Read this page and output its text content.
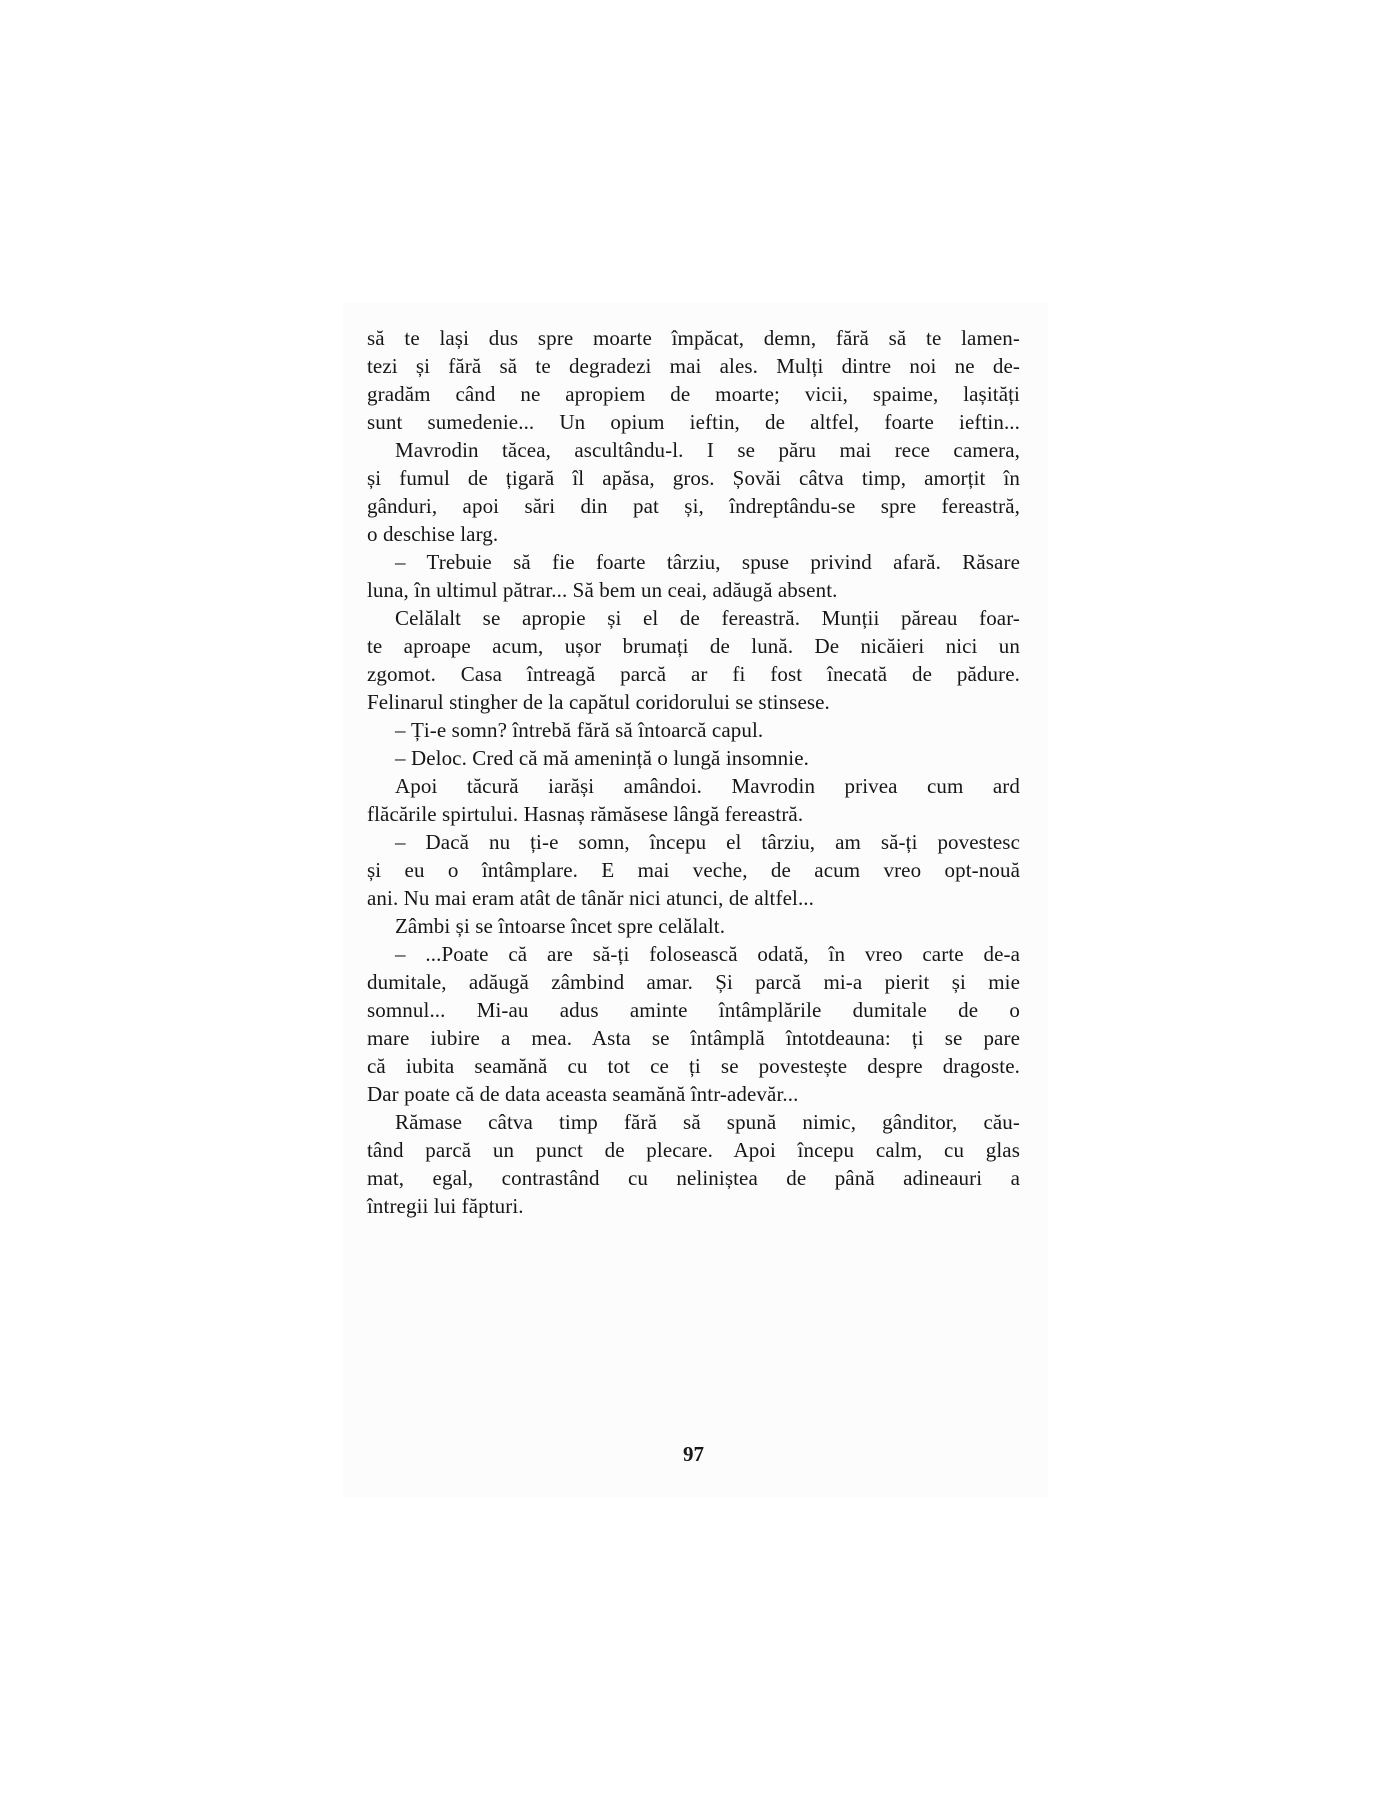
să te lași dus spre moarte împăcat, demn, fără să te lamen-
tezi și fără să te degradezi mai ales. Mulți dintre noi ne de-
gradăm când ne apropiem de moarte; vicii, spaime, lașități
sunt sumedenie... Un opium ieftin, de altfel, foarte ieftin...
Mavrodin tăcea, ascultându-l. I se păru mai rece camera,
și fumul de țigară îl apăsa, gros. Șovăi câtva timp, amorțit în
gânduri, apoi sări din pat și, îndreptându-se spre fereastră,
o deschise larg.
– Trebuie să fie foarte târziu, spuse privind afară. Răsare
luna, în ultimul pătrar... Să bem un ceai, adăugă absent.
Celălalt se apropie și el de fereastră. Munții păreau foar-
te aproape acum, ușor brumați de lună. De nicăieri nici un
zgomot. Casa întreagă parcă ar fi fost înecată de pădure.
Felinarul stingher de la capătul coridorului se stinsese.
– Ți-e somn? întrebă fără să întoarcă capul.
– Deloc. Cred că mă amenință o lungă insomnie.
Apoi tăcură iarăși amândoi. Mavrodin privea cum ard
flăcările spirtului. Hasnaș rămăsese lângă fereastră.
– Dacă nu ți-e somn, începu el târziu, am să-ți povestesc
și eu o întâmplare. E mai veche, de acum vreo opt-nouă
ani. Nu mai eram atât de tânăr nici atunci, de altfel...
Zâmbi și se întoarse încet spre celălalt.
– ...Poate că are să-ți folosească odată, în vreo carte de-a
dumitale, adăugă zâmbind amar. Și parcă mi-a pierit și mie
somnul... Mi-au adus aminte întâmplările dumitale de o
mare iubire a mea. Asta se întâmplă întotdeauna: ți se pare
că iubita seamănă cu tot ce ți se povestește despre dragoste.
Dar poate că de data aceasta seamănă într-adevăr...
Rămase câtva timp fără să spună nimic, gânditor, cău-
tând parcă un punct de plecare. Apoi începu calm, cu glas
mat, egal, contrastând cu neliniștea de până adineauri a
întregii lui făpturi.
97
